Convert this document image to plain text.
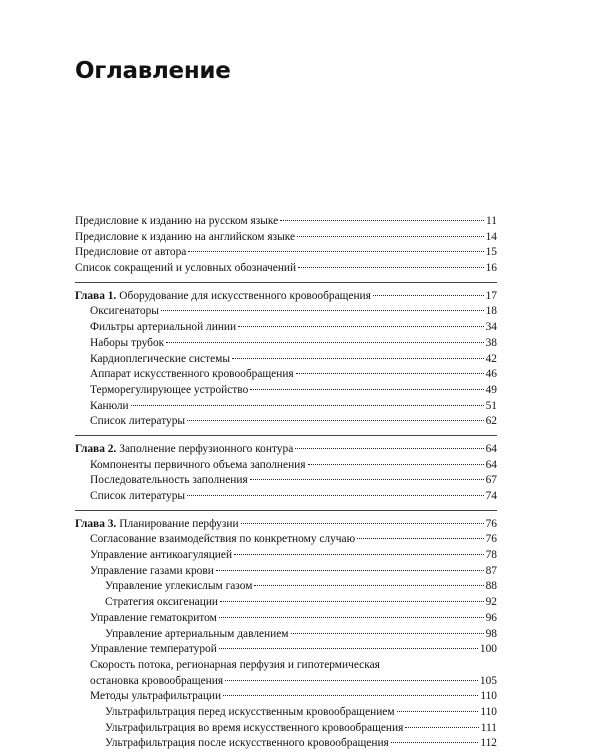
Оглавление
Предисловие к изданию на русском языке	11
Предисловие к изданию на английском языке	14
Предисловие от автора	15
Список сокращений и условных обозначений	16
Глава 1. Оборудование для искусственного кровообращения	17
Оксигенаторы	18
Фильтры артериальной линии	34
Наборы трубок	38
Кардиоплегические системы	42
Аппарат искусственного кровообращения	46
Терморегулирующее устройство	49
Канюли	51
Список литературы	62
Глава 2. Заполнение перфузионного контура	64
Компоненты первичного объема заполнения	64
Последовательность заполнения	67
Список литературы	74
Глава 3. Планирование перфузии	76
Согласование взаимодействия по конкретному случаю	76
Управление антикоагуляцией	78
Управление газами крови	87
Управление углекислым газом	88
Стратегия оксигенации	92
Управление гематокритом	96
Управление артериальным давлением	98
Управление температурой	100
Скорость потока, регионарная перфузия и гипотермическая
остановка кровообращения	105
Методы ультрафильтрации	110
Ультрафильтрация перед искусственным кровообращением	110
Ультрафильтрация во время искусственного кровообращения	111
Ультрафильтрация после искусственного кровообращения	112
